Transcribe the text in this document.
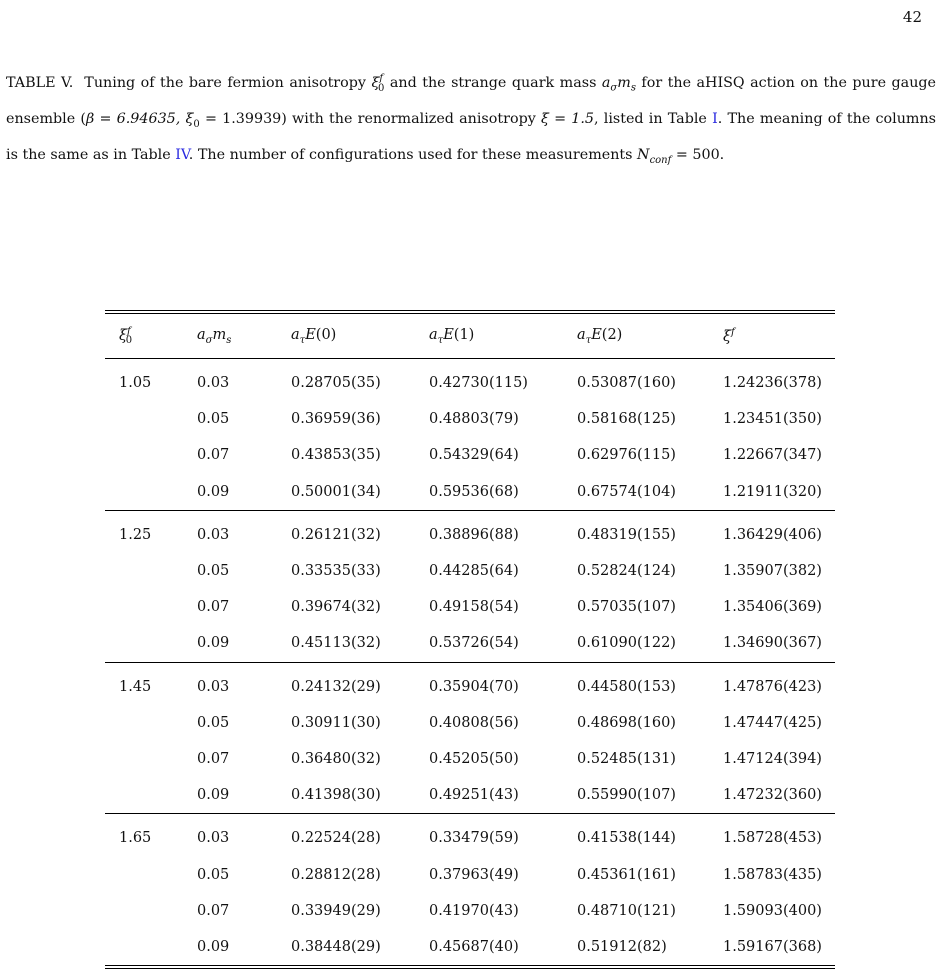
42
TABLE V. Tuning of the bare fermion anisotropy $\xi^f_0$ and the strange quark mass $a_\sigma m_s$ for the aHISQ action on the pure gauge ensemble (β = 6.94635, $\xi_0 = 1.39939$) with the renormalized anisotropy ξ = 1.5, listed in Table I. The meaning of the columns is the same as in Table IV. The number of configurations used for these measurements $N_{conf} = 500$.
$\xi^f_0$	$a_\sigma m_s$	$a_\tau E(0)$	$a_\tau E(1)$	$a_\tau E(2)$	$\xi^f$
1.05	0.03	0.28705(35)	0.42730(115)	0.53087(160)	1.24236(378)
	0.05	0.36959(36)	0.48803(79)	0.58168(125)	1.23451(350)
	0.07	0.43853(35)	0.54329(64)	0.62976(115)	1.22667(347)
	0.09	0.50001(34)	0.59536(68)	0.67574(104)	1.21911(320)
1.25	0.03	0.26121(32)	0.38896(88)	0.48319(155)	1.36429(406)
	0.05	0.33535(33)	0.44285(64)	0.52824(124)	1.35907(382)
	0.07	0.39674(32)	0.49158(54)	0.57035(107)	1.35406(369)
	0.09	0.45113(32)	0.53726(54)	0.61090(122)	1.34690(367)
1.45	0.03	0.24132(29)	0.35904(70)	0.44580(153)	1.47876(423)
	0.05	0.30911(30)	0.40808(56)	0.48698(160)	1.47447(425)
	0.07	0.36480(32)	0.45205(50)	0.52485(131)	1.47124(394)
	0.09	0.41398(30)	0.49251(43)	0.55990(107)	1.47232(360)
1.65	0.03	0.22524(28)	0.33479(59)	0.41538(144)	1.58728(453)
	0.05	0.28812(28)	0.37963(49)	0.45361(161)	1.58783(435)
	0.07	0.33949(29)	0.41970(43)	0.48710(121)	1.59093(400)
	0.09	0.38448(29)	0.45687(40)	0.51912(82)	1.59167(368)
